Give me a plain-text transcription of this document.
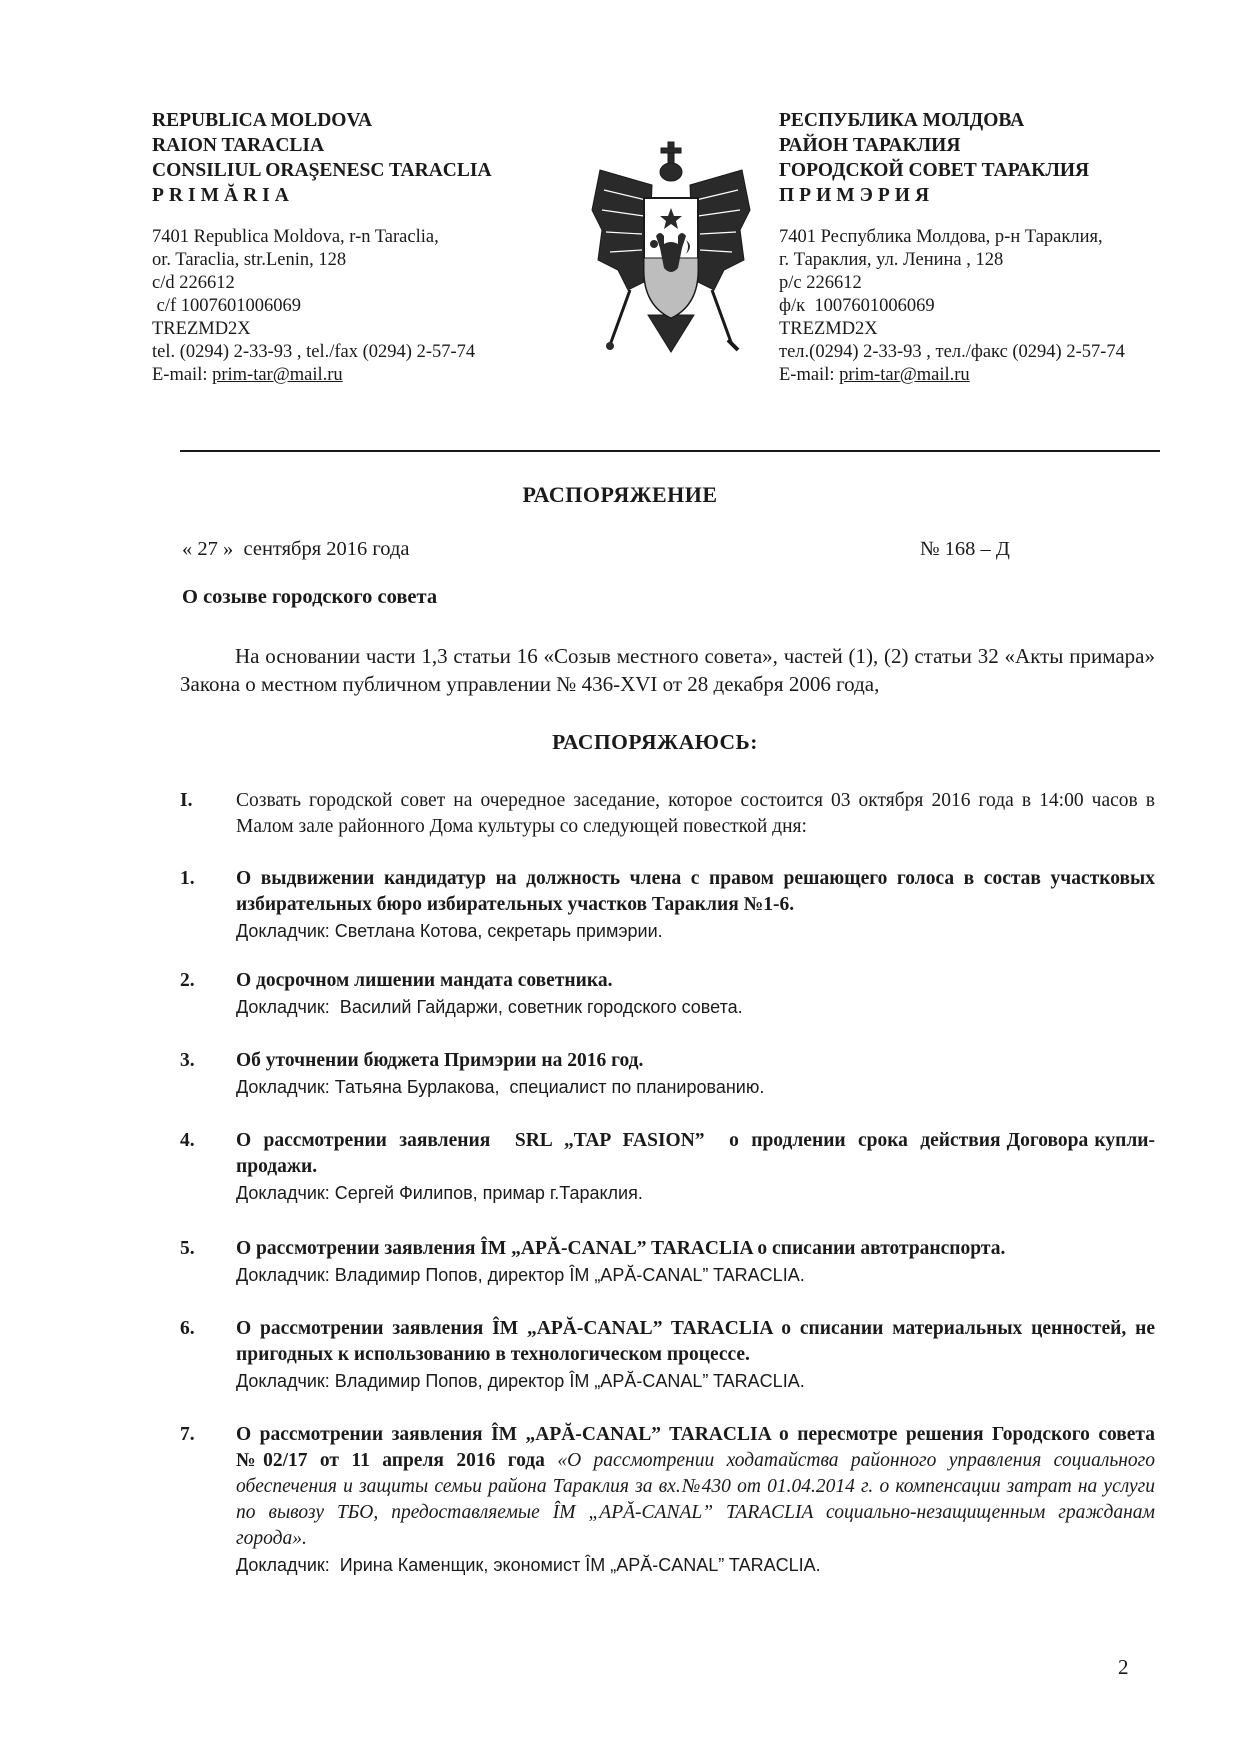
REPUBLICA MOLDOVA
RAION TARACLIA
CONSILIUL ORAŞENESC TARACLIA
PRIMĂRIA
7401 Republica Moldova, r-n Taraclia,
or. Taraclia, str.Lenin, 128
c/d 226612
c/f 1007601006069
TREZMD2X
tel. (0294) 2-33-93 , tel./fax (0294) 2-57-74
E-mail: prim-tar@mail.ru
РЕСПУБЛИКА МОЛДОВА
РАЙОН ТАРАКЛИЯ
ГОРОДСКОЙ СОВЕТ ТАРАКЛИЯ
ПРИМЭРИЯ
7401 Республика Молдова, р-н Тараклия,
г. Тараклия, ул. Ленина , 128
р/с 226612
ф/к  1007601006069
TREZMD2X
тел.(0294) 2-33-93 , тел./факс (0294) 2-57-74
E-mail: prim-tar@mail.ru
РАСПОРЯЖЕНИЕ
« 27 »  сентября 2016 года	№ 168 – Д
О созыве городского совета
На основании части 1,3 статьи 16 «Созыв местного совета», частей (1), (2) статьи 32 «Акты примара» Закона о местном публичном управлении № 436-XVI от 28 декабря 2006 года,
РАСПОРЯЖАЮСЬ:
I.	Созвать городской совет на очередное заседание, которое состоится 03 октября 2016 года в 14:00 часов в Малом зале районного Дома культуры со следующей повесткой дня:
1.	О выдвижении кандидатур на должность члена с правом решающего голоса в состав участковых избирательных бюро избирательных участков Тараклия №1-6.
Докладчик: Светлана Котова, секретарь примэрии.
2.	О досрочном лишении мандата советника.
Докладчик:  Василий Гайдаржи, советник городского совета.
3.	Об уточнении бюджета Примэрии на 2016 год.
Докладчик: Татьяна Бурлакова,  специалист по планированию.
4.	О  рассмотрении  заявления    SRL  „TAP  FASION”    о  продлении  срока  действия Договора купли-продажи.
Докладчик: Сергей Филипов, примар г.Тараклия.
5.	О рассмотрении заявления ÎM „APĂ-CANAL” TARACLIA о списании автотранспорта.
Докладчик: Владимир Попов, директор ÎM „APĂ-CANAL” TARACLIA.
6.	О рассмотрении заявления ÎM „APĂ-CANAL” TARACLIA о списании материальных ценностей, не пригодных к использованию в технологическом процессе.
Докладчик: Владимир Попов, директор ÎM „APĂ-CANAL” TARACLIA.
7.	О рассмотрении заявления ÎM „APĂ-CANAL” TARACLIA о пересмотре решения Городского совета №02/17 от 11 апреля 2016 года «О рассмотрении ходатайства районного управления социального обеспечения и защиты семьи района Тараклия за вх.№430 от 01.04.2014 г. о компенсации затрат на услуги по вывозу ТБО, предоставляемые ÎM „APĂ-CANAL” TARACLIA социально-незащищенным гражданам города».
Докладчик:  Ирина Каменщик, экономист ÎM „APĂ-CANAL” TARACLIA.
2
